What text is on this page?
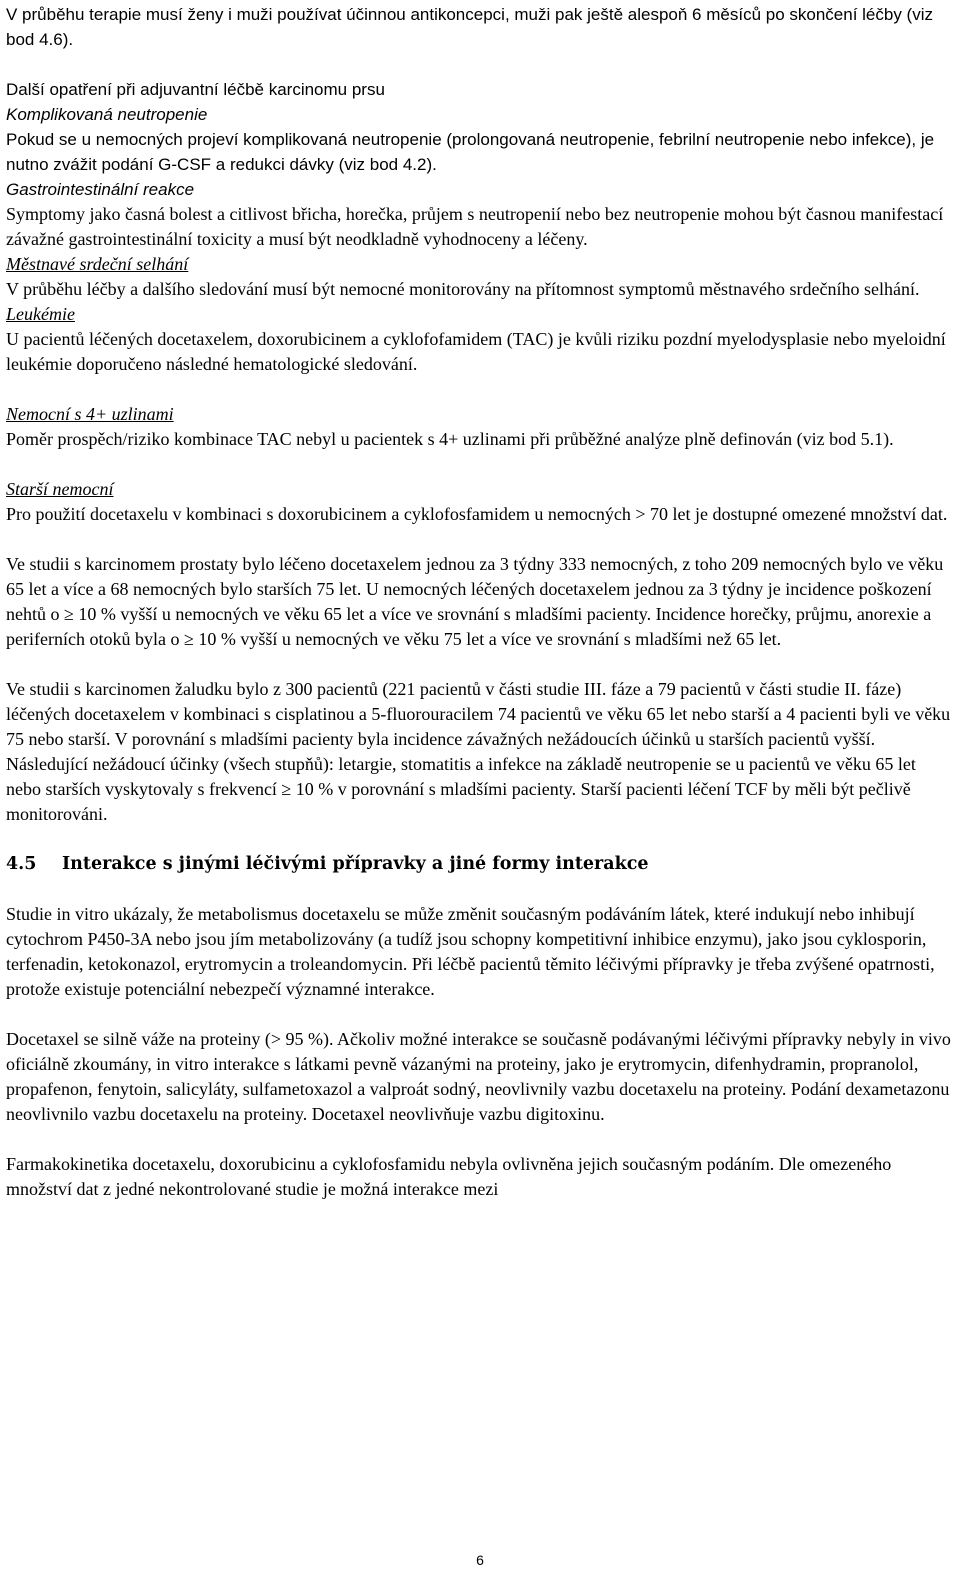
V průběhu terapie musí ženy i muži používat účinnou antikoncepci, muži pak ještě alespoň 6 měsíců po skončení léčby (viz bod 4.6).

Další opatření při adjuvantní léčbě karcinomu prsu

Komplikovaná neutropenie

Pokud se u nemocných projeví komplikovaná neutropenie (prolongovaná neutropenie, febrilní neutropenie nebo infekce), je nutno zvážit podání G-CSF a redukci dávky (viz bod 4.2).

Gastrointestinální reakce

Symptomy jako časná bolest a citlivost břicha, horečka, průjem s neutropenií nebo bez neutropenie mohou být časnou manifestací závažné gastrointestinální toxicity a musí být neodkladně vyhodnoceny a léčeny.

Městnavé srdeční selhání

V průběhu léčby a dalšího sledování musí být nemocné monitorovány na přítomnost symptomů městnavého srdečního selhání.

Leukémie

U pacientů léčených docetaxelem, doxorubicinem a cyklofofamidem (TAC) je kvůli riziku pozdní myelodysplasie nebo myeloidní leukémie doporučeno následné hematologické sledování.

Nemocní s 4+ uzlinami

Poměr prospěch/riziko kombinace TAC nebyl u pacientek s 4+ uzlinami při průběžné analýze plně definován (viz bod 5.1).

Starší nemocní

Pro použití docetaxelu v kombinaci s doxorubicinem a cyklofosfamidem u nemocných > 70 let je dostupné omezené množství dat.

Ve studii s karcinomem prostaty bylo léčeno docetaxelem jednou za 3 týdny 333 nemocných, z toho 209 nemocných bylo ve věku 65 let a více a 68 nemocných bylo starších 75 let. U nemocných léčených docetaxelem jednou za 3 týdny je incidence poškození nehtů o ≥ 10 % vyšší u nemocných ve věku 65 let a více ve srovnání s mladšími pacienty. Incidence horečky, průjmu, anorexie a periferních otoků byla o ≥ 10 % vyšší u nemocných ve věku 75 let a více ve srovnání s mladšími než 65 let.

Ve studii s karcinomen žaludku bylo z 300 pacientů (221 pacientů v části studie III. fáze a 79 pacientů v části studie II. fáze) léčených docetaxelem v kombinaci s cisplatinou a 5-fluorouracilem 74 pacientů ve věku 65 let nebo starší a 4 pacienti byli ve věku 75 nebo starší. V porovnání s mladšími pacienty byla incidence závažných nežádoucích účinků u starších pacientů vyšší.

Následující nežádoucí účinky (všech stupňů): letargie, stomatitis a infekce na základě neutropenie se u pacientů ve věku 65 let nebo starších vyskytovaly s frekvencí ≥ 10 % v porovnání s mladšími pacienty. Starší pacienti léčení TCF by měli být pečlivě monitorováni.

4.5 Interakce s jinými léčivými přípravky a jiné formy interakce

Studie in vitro ukázaly, že metabolismus docetaxelu se může změnit současným podáváním látek, které indukují nebo inhibují cytochrom P450-3A nebo jsou jím metabolizovány (a tudíž jsou schopny kompetitivní inhibice enzymu), jako jsou cyklosporin, terfenadin, ketokonazol, erytromycin a troleandomycin. Při léčbě pacientů těmito léčivými přípravky je třeba zvýšené opatrnosti, protože existuje potenciální nebezpečí významné interakce.

Docetaxel se silně váže na proteiny (> 95 %). Ačkoliv možné interakce se současně podávanými léčivými přípravky nebyly in vivo oficiálně zkoumány, in vitro interakce s látkami pevně vázanými na proteiny, jako je erytromycin, difenhydramin, propranolol, propafenon, fenytoin, salicyláty, sulfametoxazol a valproát sodný, neovlivnily vazbu docetaxelu na proteiny. Podání dexametazonu neovlivnilo vazbu docetaxelu na proteiny. Docetaxel neovlivňuje vazbu digitoxinu.

Farmakokinetika docetaxelu, doxorubicinu a cyklofosfamidu nebyla ovlivněna jejich současným podáním. Dle omezeného množství dat z jedné nekontrolované studie je možná interakce mezi

6
